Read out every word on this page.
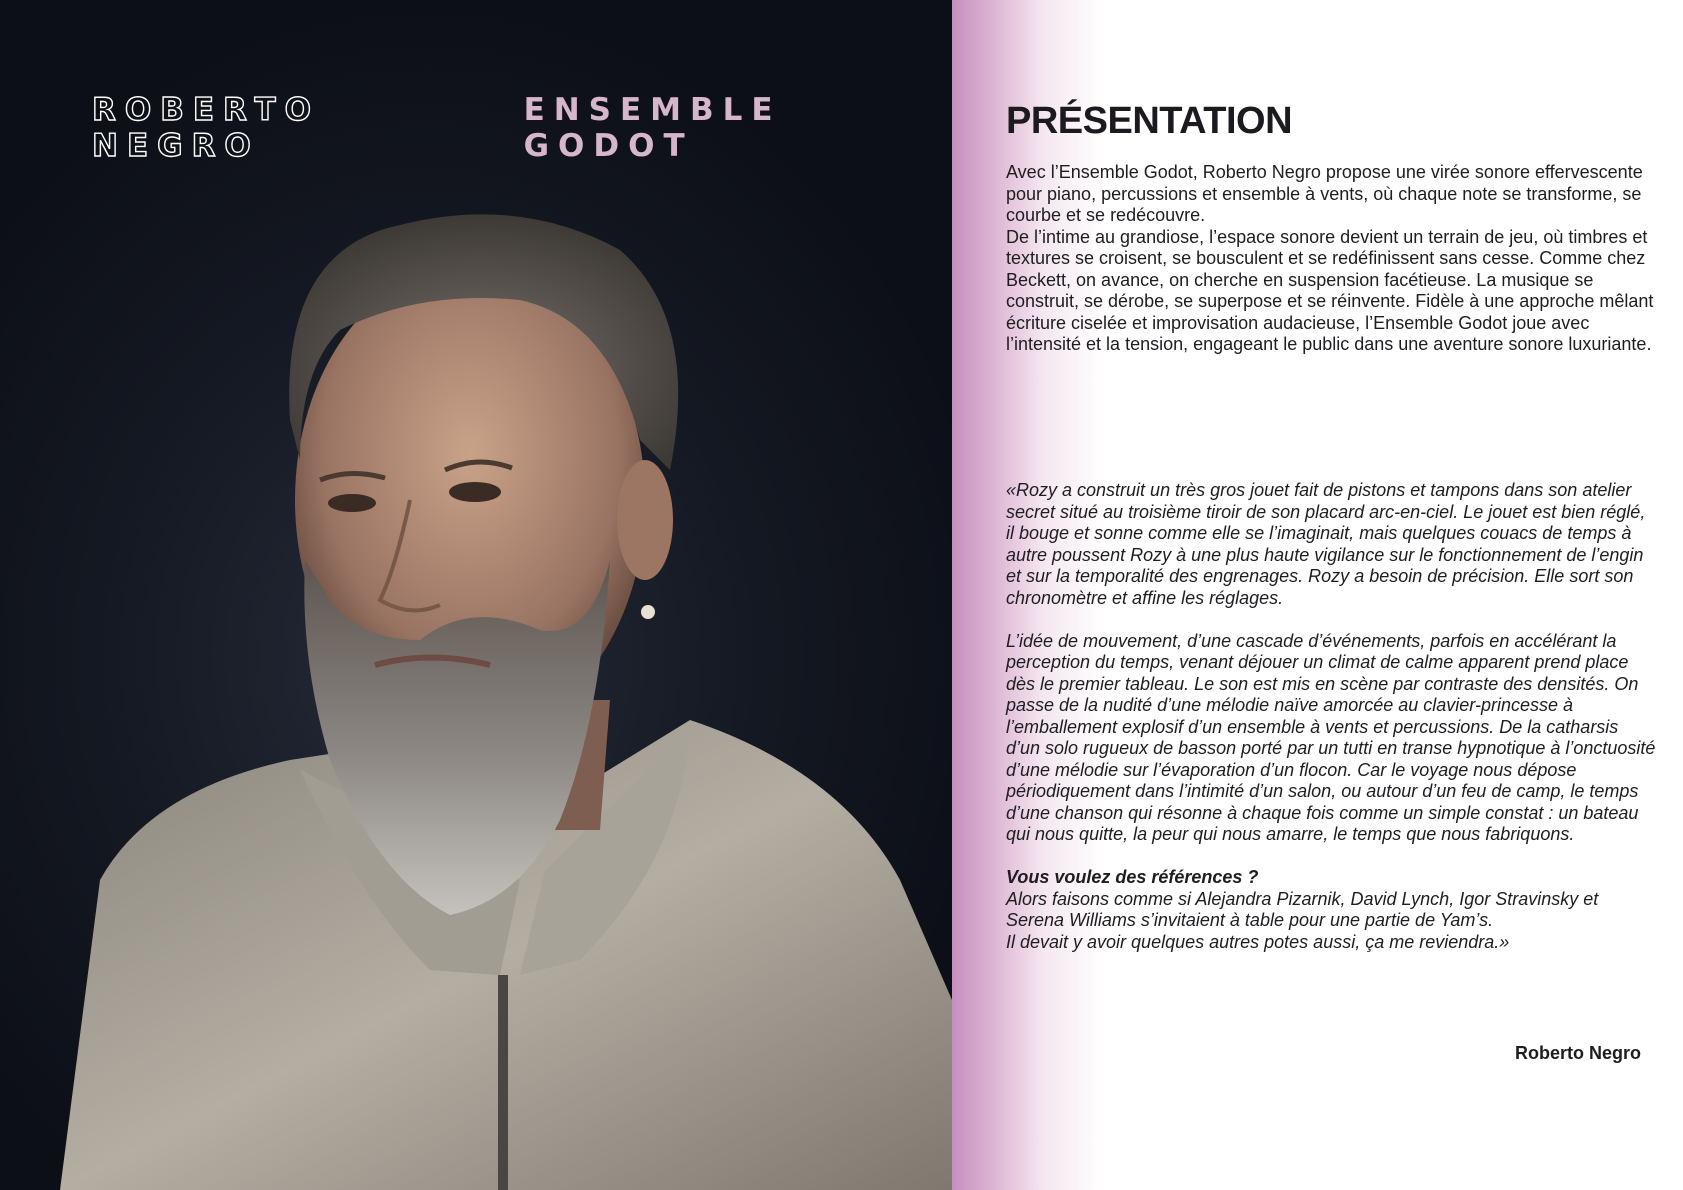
ROBERTO NEGRO
ENSEMBLE GODOT
PRÉSENTATION

Avec l’Ensemble Godot, Roberto Negro propose une virée sonore effervescente pour piano, percussions et ensemble à vents, où chaque note se transforme, se courbe et se redécouvre.

De l’intime au grandiose, l’espace sonore devient un terrain de jeu, où timbres et textures se croisent, se bousculent et se redéfinissent sans cesse. Comme chez Beckett, on avance, on cherche en suspension facétieuse. La musique se construit, se dérobe, se superpose et se réinvente. Fidèle à une approche mêlant écriture ciselée et improvisation audacieuse, l’Ensemble Godot joue avec l’intensité et la tension, engageant le public dans une aventure sonore luxuriante.

«Rozy a construit un très gros jouet fait de pistons et tampons dans son atelier secret situé au troisième tiroir de son placard arc-en-ciel. Le jouet est bien réglé, il bouge et sonne comme elle se l’imaginait, mais quelques couacs de temps à autre poussent Rozy à une plus haute vigilance sur le fonctionnement de l’engin et sur la temporalité des engrenages. Rozy a besoin de précision. Elle sort son chronomètre et affine les réglages.

L’idée de mouvement, d’une cascade d’événements, parfois en accélérant la perception du temps, venant déjouer un climat de calme apparent prend place dès le premier tableau. Le son est mis en scène par contraste des densités. On passe de la nudité d’une mélodie naïve amorcée au clavier-princesse à l’emballement explosif d’un ensemble à vents et percussions. De la catharsis d’un solo rugueux de basson porté par un tutti en transe hypnotique à l’onctuosité d’une mélodie sur l’évaporation d’un flocon. Car le voyage nous dépose périodiquement dans l’intimité d’un salon, ou autour d’un feu de camp, le temps d’une chanson qui résonne à chaque fois comme un simple constat : un bateau qui nous quitte, la peur qui nous amarre, le temps que nous fabriquons.

Vous voulez des références ?
Alors faisons comme si Alejandra Pizarnik, David Lynch, Igor Stravinsky et Serena Williams s’invitaient à table pour une partie de Yam’s.
Il devait y avoir quelques autres potes aussi, ça me reviendra.»

Roberto Negro
